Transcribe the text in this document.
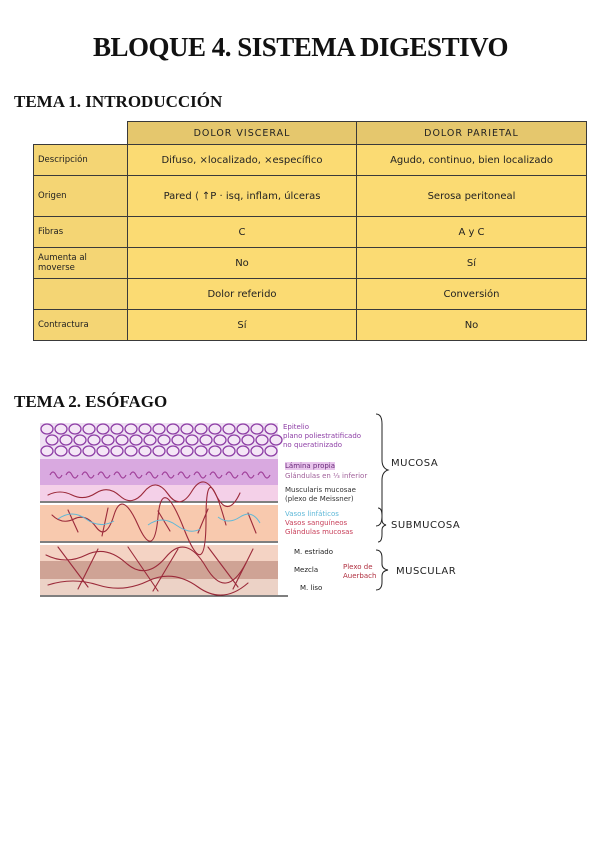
BLOQUE 4. SISTEMA DIGESTIVO
TEMA 1. INTRODUCCIÓN
	DOLOR VISCERAL	DOLOR PARIETAL
Descripción	Difuso, ×localizado, ×específico	Agudo, continuo, bien localizado
Origen	Pared ⟨ ↑P · isq, inflam, úlceras	Serosa peritoneal
Fibras	C	A y C
Aumenta al moverse	No	Sí
	Dolor referido	Conversión
Contractura	Sí	No
TEMA 2. ESÓFAGO
Epitelio
plano poliestratificado
no queratinizado
Lámina propia
Glándulas en ⅓ inferior
Muscularis mucosae
(plexo de Meissner)
Vasos linfáticos
Vasos sanguíneos
Glándulas mucosas
M. estriado
Mezcla	Plexo de
Auerbach
M. liso
MUCOSA
SUBMUCOSA
MUSCULAR
